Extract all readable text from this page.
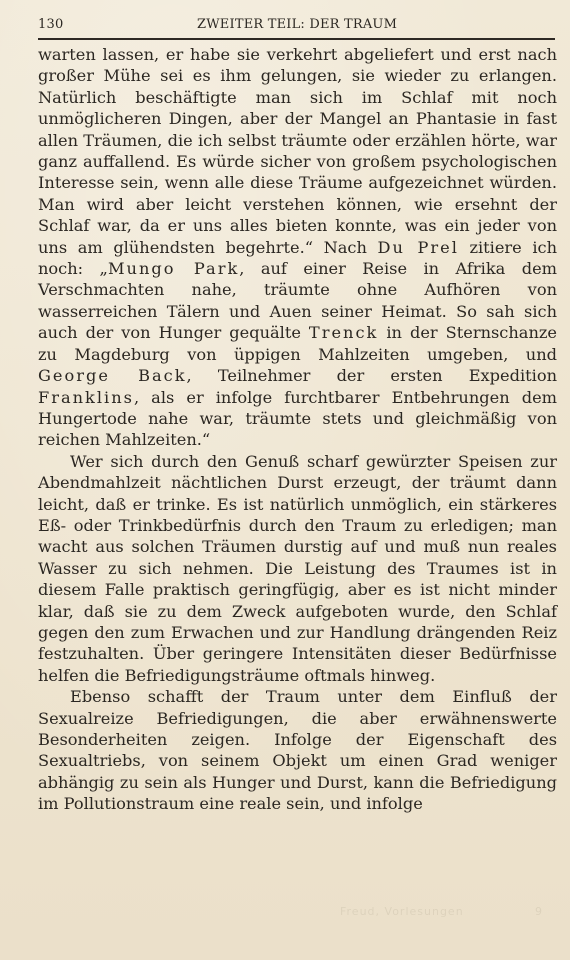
130	ZWEITER TEIL: DER TRAUM

warten lassen, er habe sie verkehrt abgeliefert und erst nach großer Mühe sei es ihm gelungen, sie wieder zu erlangen. Natürlich beschäftigte man sich im Schlaf mit noch unmöglicheren Dingen, aber der Mangel an Phantasie in fast allen Träumen, die ich selbst träumte oder erzählen hörte, war ganz auffallend. Es würde sicher von großem psychologischen Interesse sein, wenn alle diese Träume aufgezeichnet würden. Man wird aber leicht verstehen können, wie ersehnt der Schlaf war, da er uns alles bieten konnte, was ein jeder von uns am glühendsten begehrte.“ Nach Du Prel zitiere ich noch: „Mungo Park, auf einer Reise in Afrika dem Verschmachten nahe, träumte ohne Aufhören von wasserreichen Tälern und Auen seiner Heimat. So sah sich auch der von Hunger gequälte Trenck in der Sternschanze zu Magdeburg von üppigen Mahlzeiten umgeben, und George Back, Teilnehmer der ersten Expedition Franklins, als er infolge furchtbarer Entbehrungen dem Hungertode nahe war, träumte stets und gleichmäßig von reichen Mahlzeiten.“

Wer sich durch den Genuß scharf gewürzter Speisen zur Abendmahlzeit nächtlichen Durst erzeugt, der träumt dann leicht, daß er trinke. Es ist natürlich unmöglich, ein stärkeres Eß- oder Trinkbedürfnis durch den Traum zu erledigen; man wacht aus solchen Träumen durstig auf und muß nun reales Wasser zu sich nehmen. Die Leistung des Traumes ist in diesem Falle praktisch geringfügig, aber es ist nicht minder klar, daß sie zu dem Zweck aufgeboten wurde, den Schlaf gegen den zum Erwachen und zur Handlung drängenden Reiz festzuhalten. Über geringere Intensitäten dieser Bedürfnisse helfen die Befriedigungsträume oftmals hinweg.

Ebenso schafft der Traum unter dem Einfluß der Sexualreize Befriedigungen, die aber erwähnenswerte Besonderheiten zeigen. Infolge der Eigenschaft des Sexualtriebs, von seinem Objekt um einen Grad weniger abhängig zu sein als Hunger und Durst, kann die Befriedigung im Pollutionstraum eine reale sein, und infolge

Freud, Vorlesungen	9
